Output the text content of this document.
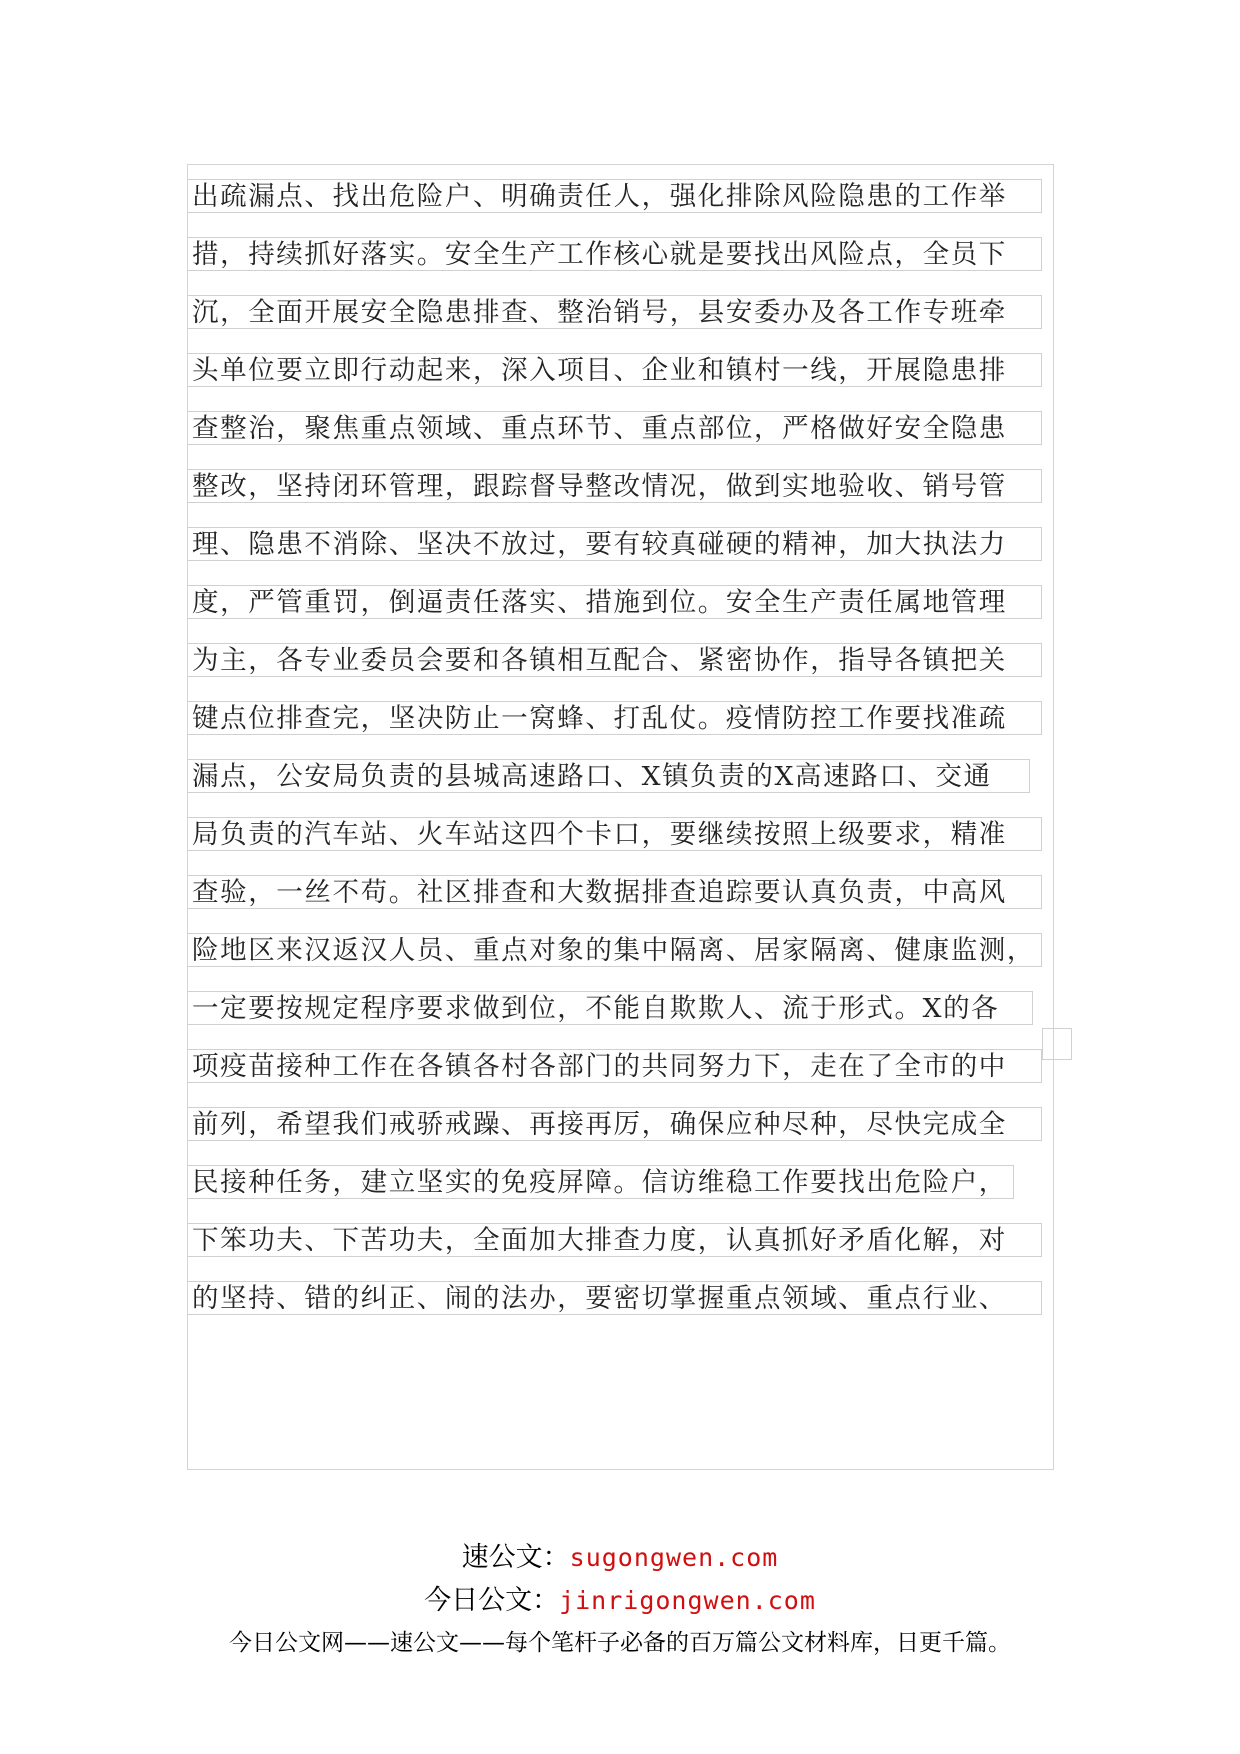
出疏漏点、找出危险户、明确责任人，强化排除风险隐患的工作举
措，持续抓好落实。安全生产工作核心就是要找出风险点，全员下
沉，全面开展安全隐患排查、整治销号，县安委办及各工作专班牵
头单位要立即行动起来，深入项目、企业和镇村一线，开展隐患排
查整治，聚焦重点领域、重点环节、重点部位，严格做好安全隐患
整改，坚持闭环管理，跟踪督导整改情况，做到实地验收、销号管
理、隐患不消除、坚决不放过，要有较真碰硬的精神，加大执法力
度，严管重罚，倒逼责任落实、措施到位。安全生产责任属地管理
为主，各专业委员会要和各镇相互配合、紧密协作，指导各镇把关
键点位排查完，坚决防止一窝蜂、打乱仗。疫情防控工作要找准疏
漏点，公安局负责的县城高速路口、X镇负责的X高速路口、交通
局负责的汽车站、火车站这四个卡口，要继续按照上级要求，精准
查验，一丝不苟。社区排查和大数据排查追踪要认真负责，中高风
险地区来汉返汉人员、重点对象的集中隔离、居家隔离、健康监测，
一定要按规定程序要求做到位，不能自欺欺人、流于形式。X的各
项疫苗接种工作在各镇各村各部门的共同努力下，走在了全市的中
前列，希望我们戒骄戒躁、再接再厉，确保应种尽种，尽快完成全
民接种任务，建立坚实的免疫屏障。信访维稳工作要找出危险户，
下笨功夫、下苦功夫，全面加大排查力度，认真抓好矛盾化解，对
的坚持、错的纠正、闹的法办，要密切掌握重点领域、重点行业、
速公文：sugongwen.com
今日公文：jinrigongwen.com
今日公文网——速公文——每个笔杆子必备的百万篇公文材料库，日更千篇。
